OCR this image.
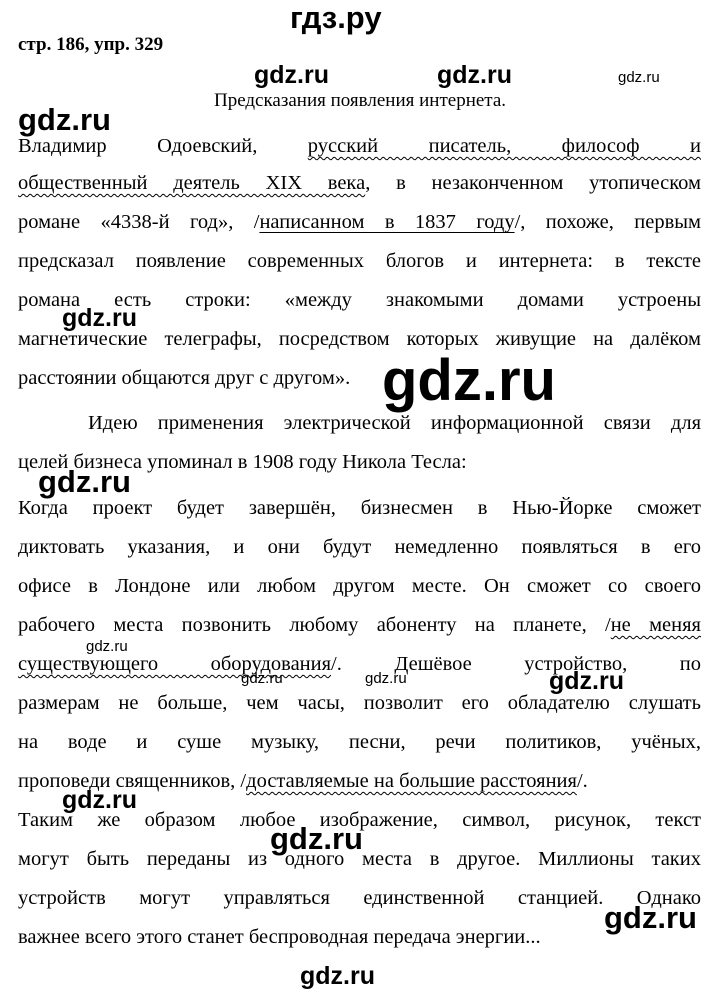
стр. 186, упр. 329
Предсказания появления интернета.
Владимир Одоевский, русский писатель, философ и
общественный деятель XIX века, в незаконченном утопическом
романе «4338-й год», /написанном в 1837 году/, похоже, первым
предсказал появление современных блогов и интернета: в тексте
романа есть строки: «между знакомыми домами устроены
магнетические телеграфы, посредством которых живущие на далёком
расстоянии общаются друг с другом».
Идею применения электрической информационной связи для
целей бизнеса упоминал в 1908 году Никола Тесла:
Когда проект будет завершён, бизнесмен в Нью-Йорке сможет
диктовать указания, и они будут немедленно появляться в его
офисе в Лондоне или любом другом месте. Он сможет со своего
рабочего места позвонить любому абоненту на планете, /не меняя
существующего оборудования/. Дешёвое устройство, по
размерам не больше, чем часы, позволит его обладателю слушать
на воде и суше музыку, песни, речи политиков, учёных,
проповеди священников, /доставляемые на большие расстояния/.
Таким же образом любое изображение, символ, рисунок, текст
могут быть переданы из одного места в другое. Миллионы таких
устройств могут управляться единственной станцией. Однако
важнее всего этого станет беспроводная передача энергии...
гдз.ру
gdz.ru	gdz.ru	gdz.ru
gdz.ru
gdz.ru
gdz.ru
gdz.ru
gdz.ru
gdz.ru	gdz.ru	gdz.ru
gdz.ru
gdz.ru
gdz.ru
gdz.ru
